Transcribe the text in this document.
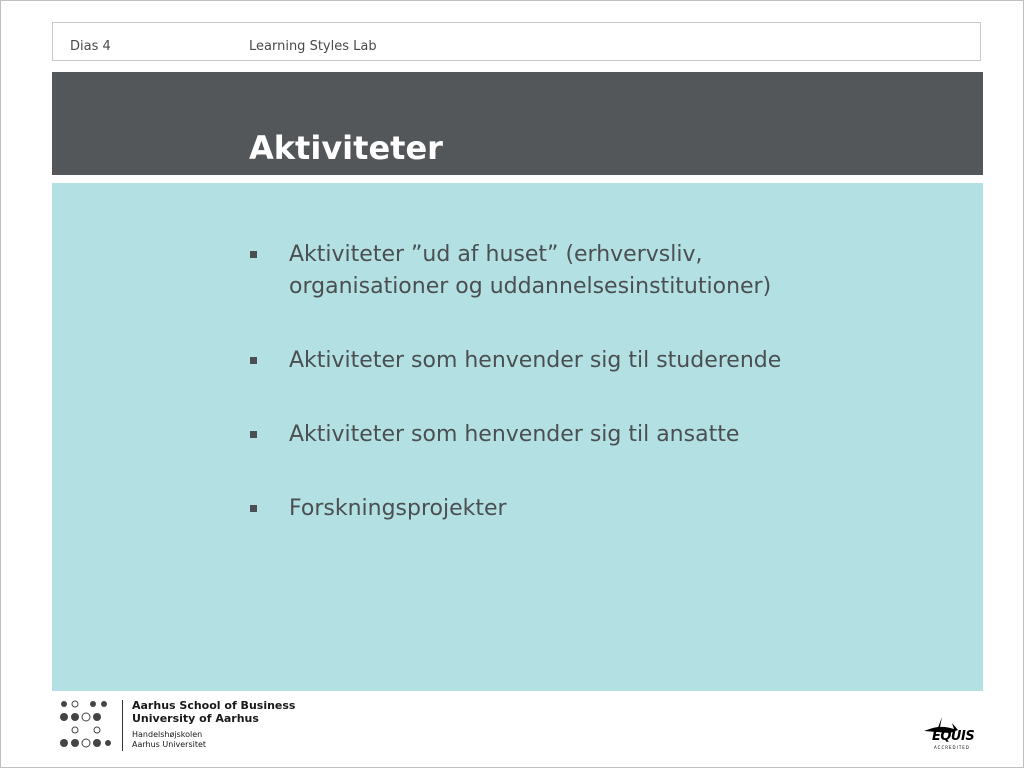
Dias 4	Learning Styles Lab
Aktiviteter
Aktiviteter ”ud af huset” (erhvervsliv,
organisationer og uddannelsesinstitutioner)
Aktiviteter som henvender sig til studerende
Aktiviteter som henvender sig til ansatte
Forskningsprojekter
Aarhus School of Business
University of Aarhus
Handelshøjskolen
Aarhus Universitet
EQUIS
ACCREDITED
